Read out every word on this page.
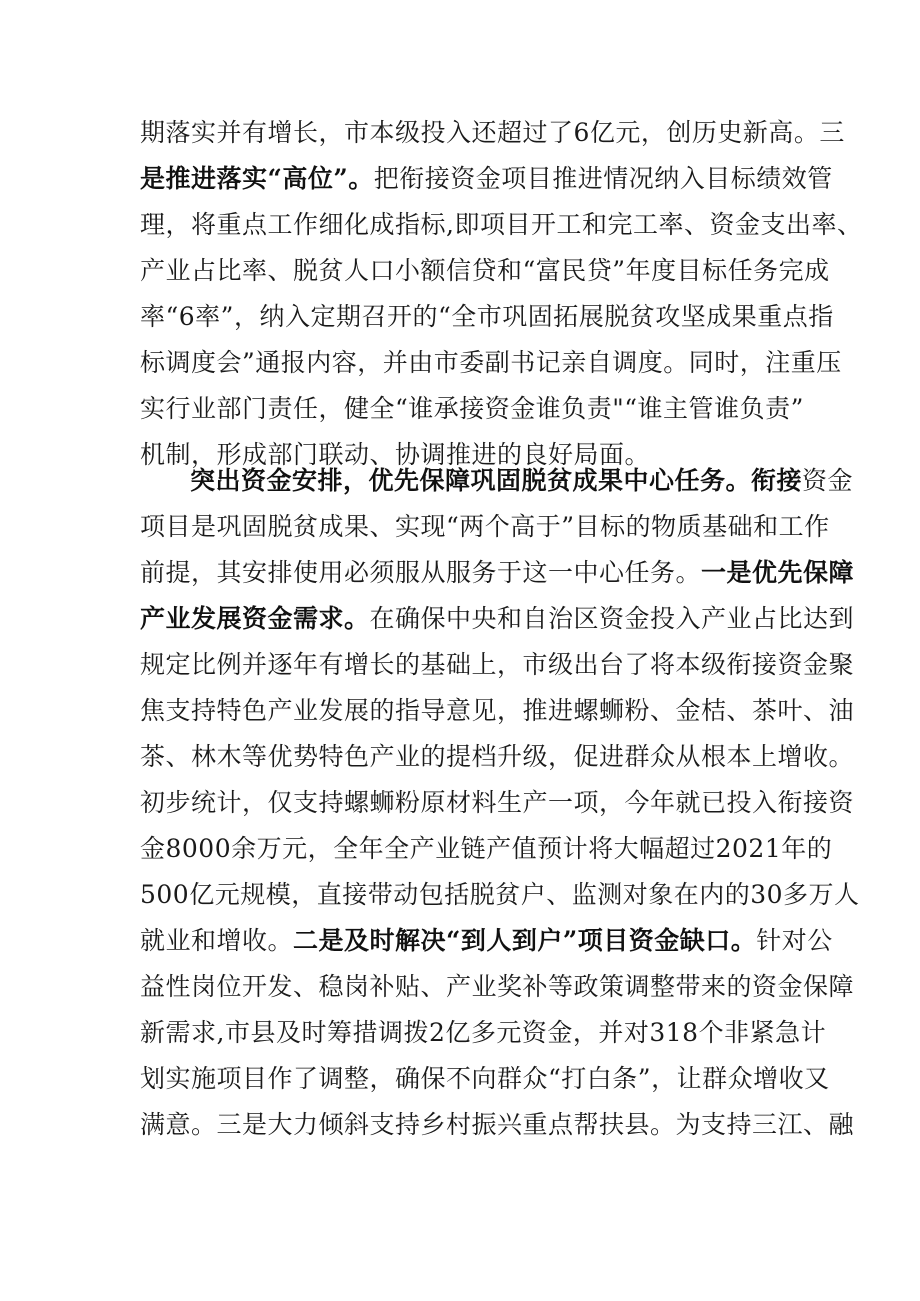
期落实并有增长，市本级投入还超过了6亿元，创历史新高。三
是推进落实“高位”。把衔接资金项目推进情况纳入目标绩效管
理，将重点工作细化成指标,即项目开工和完工率、资金支出率、
产业占比率、脱贫人口小额信贷和“富民贷”年度目标任务完成
率“6率”，纳入定期召开的“全市巩固拓展脱贫攻坚成果重点指
标调度会”通报内容，并由市委副书记亲自调度。同时，注重压
实行业部门责任，健全“谁承接资金谁负责"“谁主管谁负责”
机制，形成部门联动、协调推进的良好局面。
突出资金安排，优先保障巩固脱贫成果中心任务。衔接资金
项目是巩固脱贫成果、实现“两个高于”目标的物质基础和工作
前提，其安排使用必须服从服务于这一中心任务。一是优先保障
产业发展资金需求。在确保中央和自治区资金投入产业占比达到
规定比例并逐年有增长的基础上，市级出台了将本级衔接资金聚
焦支持特色产业发展的指导意见，推进螺蛳粉、金桔、茶叶、油
茶、林木等优势特色产业的提档升级，促进群众从根本上增收。
初步统计，仅支持螺蛳粉原材料生产一项，今年就已投入衔接资
金8000余万元，全年全产业链产值预计将大幅超过2021年的
500亿元规模，直接带动包括脱贫户、监测对象在内的30多万人
就业和增收。二是及时解决“到人到户”项目资金缺口。针对公
益性岗位开发、稳岗补贴、产业奖补等政策调整带来的资金保障
新需求,市县及时筹措调拨2亿多元资金，并对318个非紧急计
划实施项目作了调整，确保不向群众“打白条”，让群众增收又
满意。三是大力倾斜支持乡村振兴重点帮扶县。为支持三江、融
